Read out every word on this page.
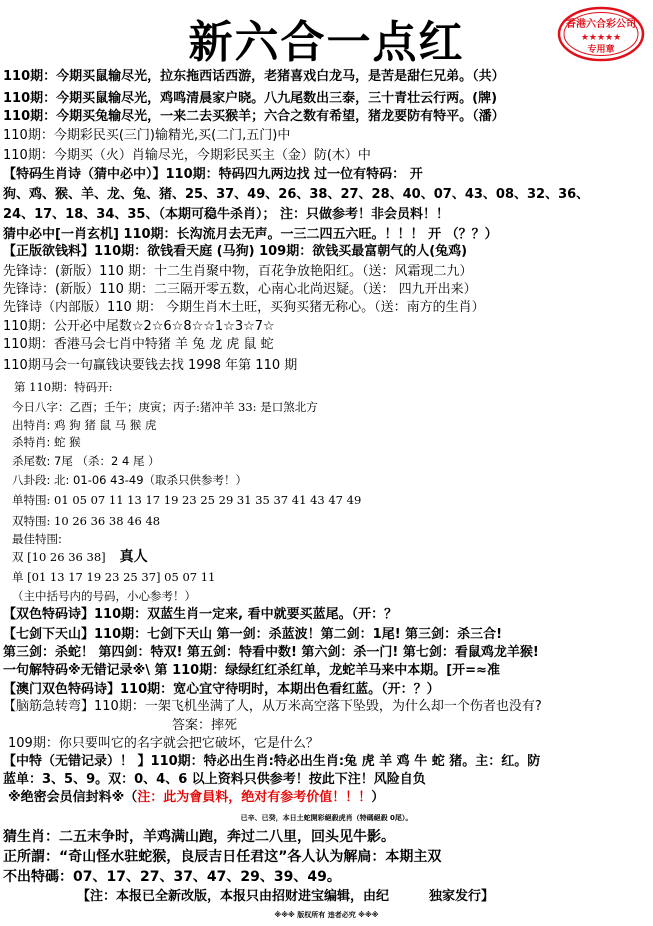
新六合一点红	香港六合彩公司
★★★★★
专用章
110期：今期买鼠输尽光，拉东拖西话西游，老猪喜戏白龙马，是苦是甜仨兄弟。（共）
110期：今期买鼠输尽光，鸡鸣清晨家户晓。八九尾数出三泰，三十青壮云行两。(牌)
110期：今期买兔输尽光，一来二去买猴羊；六合之数有希望，猪龙要防有特平。（潘）
110期：今期彩民买(三门)输精光,买(二门,五门)中
110期：今期买（火）肖输尽光，今期彩民买主（金）防(木）中
【特码生肖诗（猜中必中）】110期：特码四九两边找 过一位有特码： 开
狗、鸡、猴、羊、龙、兔、猪、25、37、49、26、38、27、28、40、07、43、08、32、36、
24、17、18、34、35、（本期可稳牛杀肖）； 注：只做参考！非会员料！！
猜中必中[一肖玄机] 110期：长沟流月去无声。一三二四五六旺。！！！ 开 （？？）
【正版欲钱料】110期：欲钱看天庭 (马狗) 109期：欲钱买最富朝气的人(兔鸡)
先锋诗：(新版）110 期：十二生肖聚中物，百花争放艳阳红。（送：风霜现二九）
先锋诗：(新版）110 期：二三隔开零五数，心南心北尚迟疑。（送： 四九开出来）
先锋诗（内部版）110 期： 今期生肖木土旺，买狗买猪无称心。（送：南方的生肖）
110期：公开必中尾数☆2☆6☆8☆☆1☆3☆7☆
110期：香港马会七肖中特猪 羊 兔 龙 虎 鼠 蛇
110期马会一句赢钱诀要钱去找 1998 年第 110 期
第 110期：特码开:
今日八字：乙酉；壬午；庚寅；丙子:猪冲羊 33: 是口煞北方
出特肖: 鸡 狗 猪 鼠 马 猴 虎
杀特肖: 蛇 猴
杀尾数: 7尾 （杀：2 4 尾 ）
八卦段: 北: 01-06 43-49（取杀只供参考！）
单特围: 01 05 07 11 13 17 19 23 25 29 31 35 37 41 43 47 49
双特围: 10 26 36 38 46 48
最佳特围:
双 [10 26 36 38] 真人
单 [01 13 17 19 23 25 37] 05 07 11
（主中括号内的号码，小心参考！）
【双色特码诗】110期：双蓝生肖一定来, 看中就要买蓝尾。（开：？
【七剑下天山】110期：七剑下天山 第一剑：杀蓝波！第二剑：1尾! 第三剑：杀三合!
第三剑：杀蛇！ 第四剑：特双! 第五剑：特看中数! 第六剑：杀一门! 第七剑：看鼠鸡龙羊猴!
一句解特码※无错记录※\ 第 110期：绿绿红红杀红单，龙蛇羊马来中本期。[开=≈准
【澳门双色特码诗】110期：宽心宜守待明时，本期出色看红蓝。（开：？）
【脑筋急转弯】110期：一架飞机坐满了人，从万米高空落下坠毁，为什么却一个伤者也没有?
答案：摔死
109期：你只要叫它的名字就会把它破坏，它是什么？
【中特（无错记录）！ 】110期：特必出生肖:特必出生肖:兔 虎 羊 鸡 牛 蛇 猪。主：红。防
蓝单：3、5、9。双：0、4、6 以上资料只供参考！按此下注！风险自负
※绝密会员信封料※（注：此为會員料，绝对有参考价值！！！）
已辛、已癸，本日土蛇開彩絕殺虎肖（特碼絕殺 0尾）。
猜生肖：二五末争时，羊鸡满山跑，奔过二八里，回头见牛影。
正所謂：“奇山怪水驻蛇猴，良辰吉日任君这”各人认为解扃：本期主双
不出特碼：07、17、27、37、47、29、39、49。
【注：本报已全新改版，本报只由招财进宝编辑，由纪	独家发行】
※※※ 版权所有 违者必究 ※※※
